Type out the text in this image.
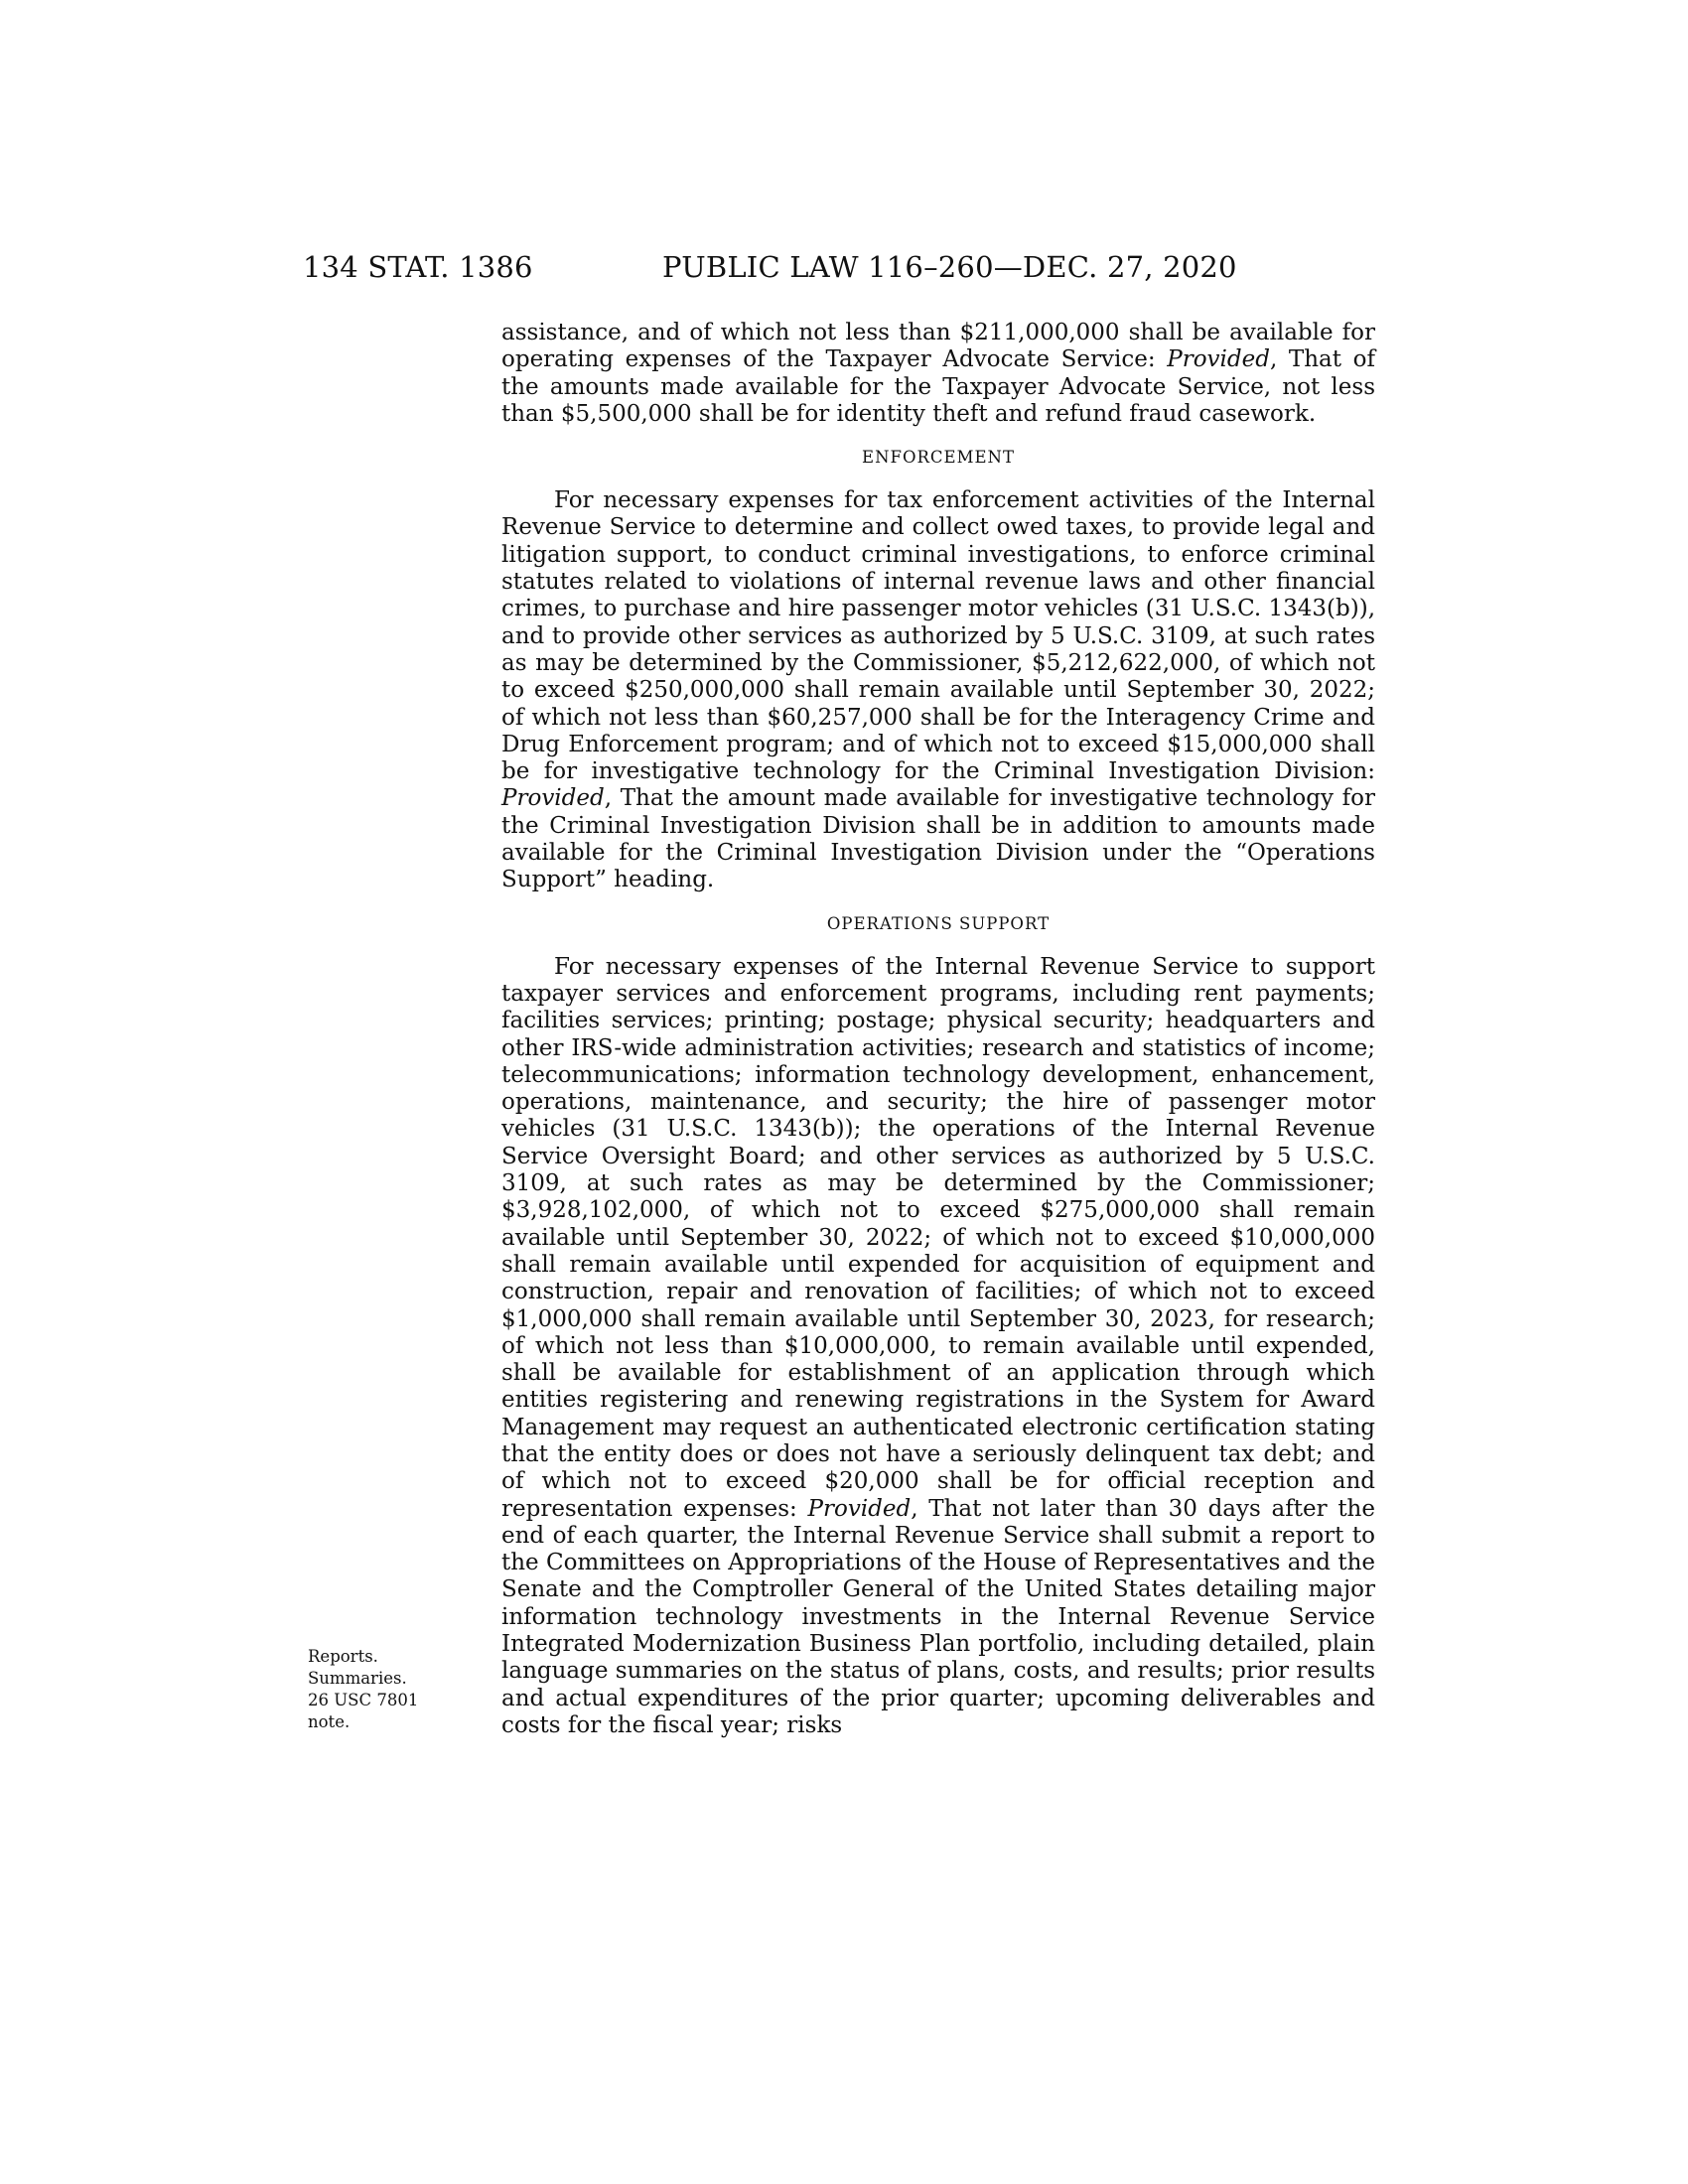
134 STAT. 1386	PUBLIC LAW 116–260—DEC. 27, 2020

assistance, and of which not less than $211,000,000 shall be available for operating expenses of the Taxpayer Advocate Service: Provided, That of the amounts made available for the Taxpayer Advocate Service, not less than $5,500,000 shall be for identity theft and refund fraud casework.

ENFORCEMENT

For necessary expenses for tax enforcement activities of the Internal Revenue Service to determine and collect owed taxes, to provide legal and litigation support, to conduct criminal investigations, to enforce criminal statutes related to violations of internal revenue laws and other financial crimes, to purchase and hire passenger motor vehicles (31 U.S.C. 1343(b)), and to provide other services as authorized by 5 U.S.C. 3109, at such rates as may be determined by the Commissioner, $5,212,622,000, of which not to exceed $250,000,000 shall remain available until September 30, 2022; of which not less than $60,257,000 shall be for the Interagency Crime and Drug Enforcement program; and of which not to exceed $15,000,000 shall be for investigative technology for the Criminal Investigation Division: Provided, That the amount made available for investigative technology for the Criminal Investigation Division shall be in addition to amounts made available for the Criminal Investigation Division under the “Operations Support” heading.

OPERATIONS SUPPORT

For necessary expenses of the Internal Revenue Service to support taxpayer services and enforcement programs, including rent payments; facilities services; printing; postage; physical security; headquarters and other IRS-wide administration activities; research and statistics of income; telecommunications; information technology development, enhancement, operations, maintenance, and security; the hire of passenger motor vehicles (31 U.S.C. 1343(b)); the operations of the Internal Revenue Service Oversight Board; and other services as authorized by 5 U.S.C. 3109, at such rates as may be determined by the Commissioner; $3,928,102,000, of which not to exceed $275,000,000 shall remain available until September 30, 2022; of which not to exceed $10,000,000 shall remain available until expended for acquisition of equipment and construction, repair and renovation of facilities; of which not to exceed $1,000,000 shall remain available until September 30, 2023, for research; of which not less than $10,000,000, to remain available until expended, shall be available for establishment of an application through which entities registering and renewing registrations in the System for Award Management may request an authenticated electronic certification stating that the entity does or does not have a seriously delinquent tax debt; and of which not to exceed $20,000 shall be for official reception and representation expenses: Provided, That not later than 30 days after the end of each quarter, the Internal Revenue Service shall submit a report to the Committees on Appropriations of the House of Representatives and the Senate and the Comptroller General of the United States detailing major information technology investments in the Internal Revenue Service Integrated Modernization Business Plan portfolio, including detailed, plain language summaries on the status of plans, costs, and results; prior results and actual expenditures of the prior quarter; upcoming deliverables and costs for the fiscal year; risks

Reports.
Summaries.
26 USC 7801
note.
